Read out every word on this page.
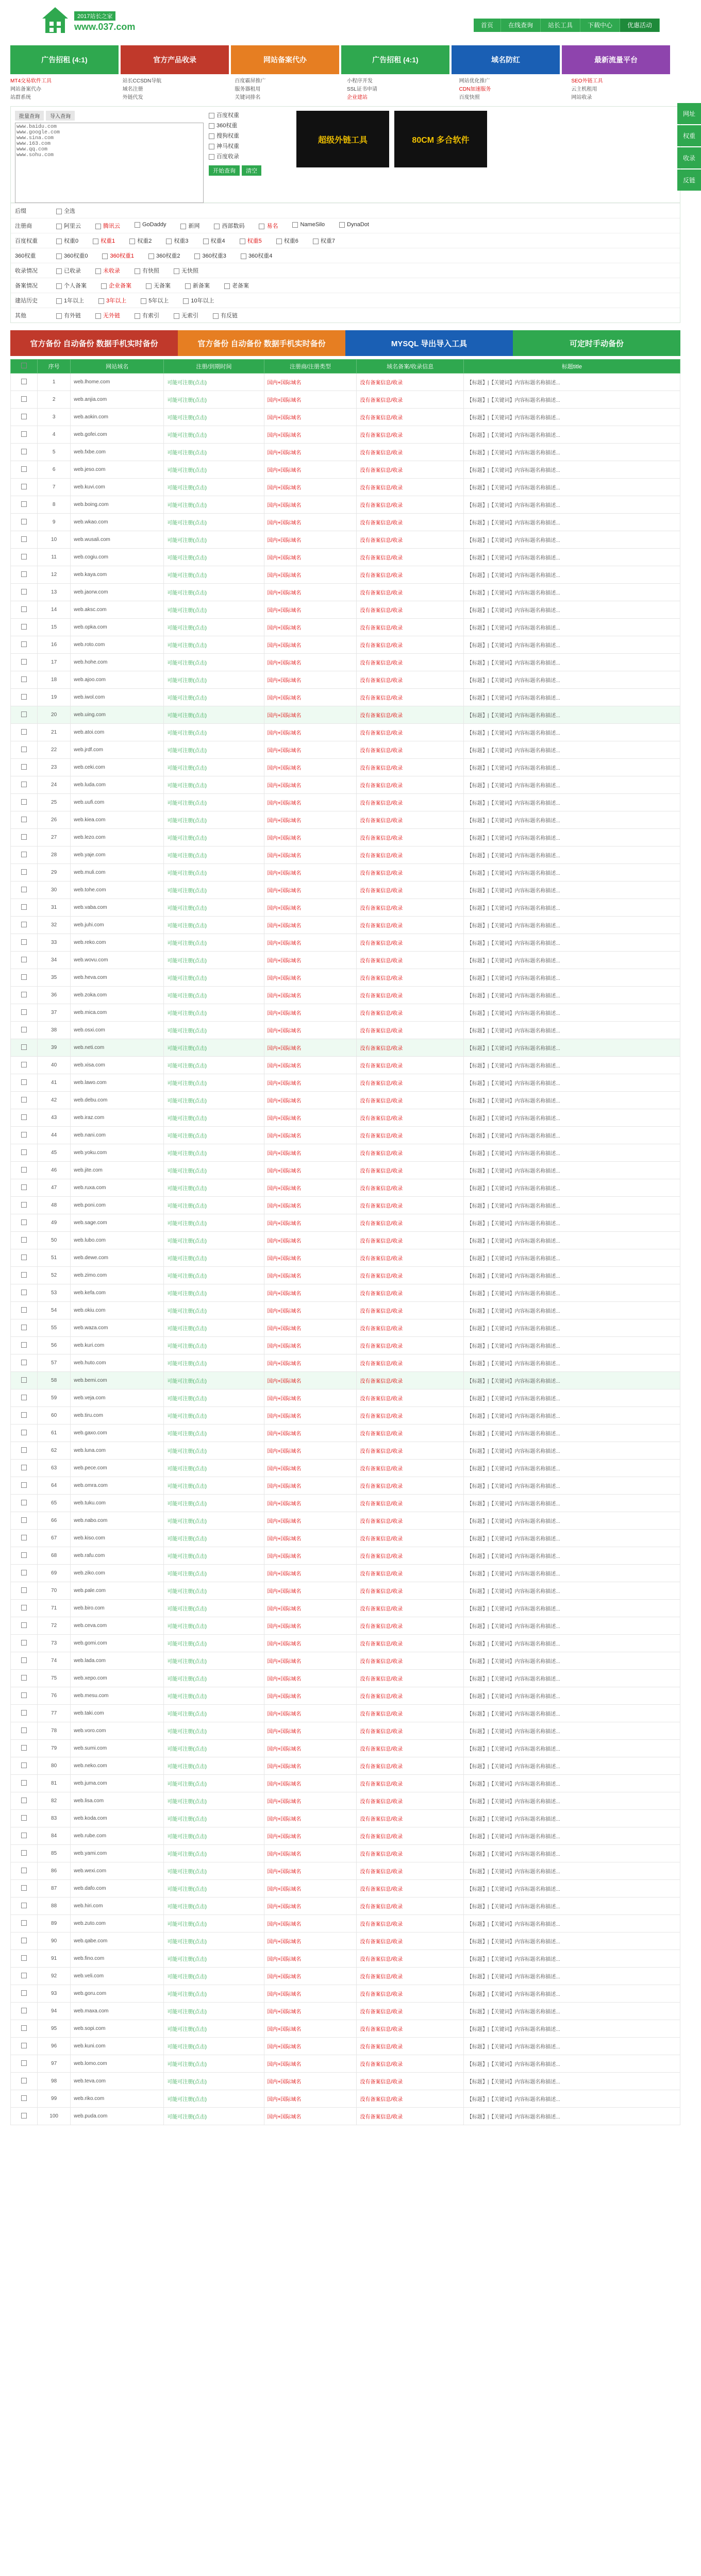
2017站长之家
www.037.com	首页	在线查询	站长工具	下载中心	优惠活动
广告招租 (4:1)	官方产品收录	网站备案代办	广告招租 (4:1)	域名防红	最新流量平台
MT4交易软件工具	站长CCSDN导航	百度霸屏推广	小程序开发	网站优化推广	SEO外链工具
网站备案代办	域名注册	服务器租用	SSL证书申请	CDN加速服务	云主机租用
站群系统	外链代发	关键词排名	企业建站	百度快照	网站收录
批量查询	导入查询
www.baidu.com www.google.com www.sina.com www.163.com www.qq.com www.sohu.com	百度权重
360权重
搜狗权重
神马权重
百度收录
开始查询	清空
超级外链工具	80CM 多合软件
后缀	全选
注册商	阿里云	腾讯云	GoDaddy	新网	西部数码	易名	NameSilo	DynaDot
百度权重	权重0	权重1	权重2	权重3	权重4	权重5	权重6	权重7
360权重	360权重0	360权重1	360权重2	360权重3	360权重4
收录情况	已收录	未收录	有快照	无快照
备案情况	个人备案	企业备案	无备案	新备案	老备案
建站历史	1年以上	3年以上	5年以上	10年以上
其他	有外链	无外链	有索引	无索引	有反链
官方备份 自动备份 数据手机实时备份	官方备份 自动备份 数据手机实时备份	MYSQL 导出导入工具	可定时手动备份
	序号	网站域名	注册/到期时间	注册商/注册类型	域名备案/收录信息	标题title
	1	web.lhome.com	可能可注册(点击)	国内+国际域名	没有备案信息/收录	【标题】|【关键词】内容标题名称描述...
	2	web.anjia.com	可能可注册(点击)	国内+国际域名	没有备案信息/收录	【标题】|【关键词】内容标题名称描述...
	3	web.aokin.com	可能可注册(点击)	国内+国际域名	没有备案信息/收录	【标题】|【关键词】内容标题名称描述...
	4	web.gofei.com	可能可注册(点击)	国内+国际域名	没有备案信息/收录	【标题】|【关键词】内容标题名称描述...
	5	web.fxbe.com	可能可注册(点击)	国内+国际域名	没有备案信息/收录	【标题】|【关键词】内容标题名称描述...
	6	web.jeso.com	可能可注册(点击)	国内+国际域名	没有备案信息/收录	【标题】|【关键词】内容标题名称描述...
	7	web.kuvi.com	可能可注册(点击)	国内+国际域名	没有备案信息/收录	【标题】|【关键词】内容标题名称描述...
	8	web.boing.com	可能可注册(点击)	国内+国际域名	没有备案信息/收录	【标题】|【关键词】内容标题名称描述...
	9	web.wkao.com	可能可注册(点击)	国内+国际域名	没有备案信息/收录	【标题】|【关键词】内容标题名称描述...
	10	web.wusali.com	可能可注册(点击)	国内+国际域名	没有备案信息/收录	【标题】|【关键词】内容标题名称描述...
	11	web.cogiu.com	可能可注册(点击)	国内+国际域名	没有备案信息/收录	【标题】|【关键词】内容标题名称描述...
	12	web.kaya.com	可能可注册(点击)	国内+国际域名	没有备案信息/收录	【标题】|【关键词】内容标题名称描述...
	13	web.jaorw.com	可能可注册(点击)	国内+国际域名	没有备案信息/收录	【标题】|【关键词】内容标题名称描述...
	14	web.aksc.com	可能可注册(点击)	国内+国际域名	没有备案信息/收录	【标题】|【关键词】内容标题名称描述...
	15	web.opka.com	可能可注册(点击)	国内+国际域名	没有备案信息/收录	【标题】|【关键词】内容标题名称描述...
	16	web.roto.com	可能可注册(点击)	国内+国际域名	没有备案信息/收录	【标题】|【关键词】内容标题名称描述...
	17	web.hohe.com	可能可注册(点击)	国内+国际域名	没有备案信息/收录	【标题】|【关键词】内容标题名称描述...
	18	web.ajoo.com	可能可注册(点击)	国内+国际域名	没有备案信息/收录	【标题】|【关键词】内容标题名称描述...
	19	web.iwol.com	可能可注册(点击)	国内+国际域名	没有备案信息/收录	【标题】|【关键词】内容标题名称描述...
	20	web.uing.com	可能可注册(点击)	国内+国际域名	没有备案信息/收录	【标题】|【关键词】内容标题名称描述...
	21	web.atoi.com	可能可注册(点击)	国内+国际域名	没有备案信息/收录	【标题】|【关键词】内容标题名称描述...
	22	web.jrdf.com	可能可注册(点击)	国内+国际域名	没有备案信息/收录	【标题】|【关键词】内容标题名称描述...
	23	web.ceki.com	可能可注册(点击)	国内+国际域名	没有备案信息/收录	【标题】|【关键词】内容标题名称描述...
	24	web.luda.com	可能可注册(点击)	国内+国际域名	没有备案信息/收录	【标题】|【关键词】内容标题名称描述...
	25	web.uufi.com	可能可注册(点击)	国内+国际域名	没有备案信息/收录	【标题】|【关键词】内容标题名称描述...
	26	web.kiea.com	可能可注册(点击)	国内+国际域名	没有备案信息/收录	【标题】|【关键词】内容标题名称描述...
	27	web.lezo.com	可能可注册(点击)	国内+国际域名	没有备案信息/收录	【标题】|【关键词】内容标题名称描述...
	28	web.yaje.com	可能可注册(点击)	国内+国际域名	没有备案信息/收录	【标题】|【关键词】内容标题名称描述...
	29	web.muli.com	可能可注册(点击)	国内+国际域名	没有备案信息/收录	【标题】|【关键词】内容标题名称描述...
	30	web.tohe.com	可能可注册(点击)	国内+国际域名	没有备案信息/收录	【标题】|【关键词】内容标题名称描述...
	31	web.vaba.com	可能可注册(点击)	国内+国际域名	没有备案信息/收录	【标题】|【关键词】内容标题名称描述...
	32	web.juhi.com	可能可注册(点击)	国内+国际域名	没有备案信息/收录	【标题】|【关键词】内容标题名称描述...
	33	web.reko.com	可能可注册(点击)	国内+国际域名	没有备案信息/收录	【标题】|【关键词】内容标题名称描述...
	34	web.wovu.com	可能可注册(点击)	国内+国际域名	没有备案信息/收录	【标题】|【关键词】内容标题名称描述...
	35	web.heva.com	可能可注册(点击)	国内+国际域名	没有备案信息/收录	【标题】|【关键词】内容标题名称描述...
	36	web.zoka.com	可能可注册(点击)	国内+国际域名	没有备案信息/收录	【标题】|【关键词】内容标题名称描述...
	37	web.mica.com	可能可注册(点击)	国内+国际域名	没有备案信息/收录	【标题】|【关键词】内容标题名称描述...
	38	web.osxi.com	可能可注册(点击)	国内+国际域名	没有备案信息/收录	【标题】|【关键词】内容标题名称描述...
	39	web.neti.com	可能可注册(点击)	国内+国际域名	没有备案信息/收录	【标题】|【关键词】内容标题名称描述...
	40	web.xisa.com	可能可注册(点击)	国内+国际域名	没有备案信息/收录	【标题】|【关键词】内容标题名称描述...
	41	web.lawo.com	可能可注册(点击)	国内+国际域名	没有备案信息/收录	【标题】|【关键词】内容标题名称描述...
	42	web.debu.com	可能可注册(点击)	国内+国际域名	没有备案信息/收录	【标题】|【关键词】内容标题名称描述...
	43	web.iraz.com	可能可注册(点击)	国内+国际域名	没有备案信息/收录	【标题】|【关键词】内容标题名称描述...
	44	web.nani.com	可能可注册(点击)	国内+国际域名	没有备案信息/收录	【标题】|【关键词】内容标题名称描述...
	45	web.yoku.com	可能可注册(点击)	国内+国际域名	没有备案信息/收录	【标题】|【关键词】内容标题名称描述...
	46	web.jite.com	可能可注册(点击)	国内+国际域名	没有备案信息/收录	【标题】|【关键词】内容标题名称描述...
	47	web.ruxa.com	可能可注册(点击)	国内+国际域名	没有备案信息/收录	【标题】|【关键词】内容标题名称描述...
	48	web.poni.com	可能可注册(点击)	国内+国际域名	没有备案信息/收录	【标题】|【关键词】内容标题名称描述...
	49	web.sage.com	可能可注册(点击)	国内+国际域名	没有备案信息/收录	【标题】|【关键词】内容标题名称描述...
	50	web.lubo.com	可能可注册(点击)	国内+国际域名	没有备案信息/收录	【标题】|【关键词】内容标题名称描述...
	51	web.dewe.com	可能可注册(点击)	国内+国际域名	没有备案信息/收录	【标题】|【关键词】内容标题名称描述...
	52	web.zimo.com	可能可注册(点击)	国内+国际域名	没有备案信息/收录	【标题】|【关键词】内容标题名称描述...
	53	web.kefa.com	可能可注册(点击)	国内+国际域名	没有备案信息/收录	【标题】|【关键词】内容标题名称描述...
	54	web.okiu.com	可能可注册(点击)	国内+国际域名	没有备案信息/收录	【标题】|【关键词】内容标题名称描述...
	55	web.waza.com	可能可注册(点击)	国内+国际域名	没有备案信息/收录	【标题】|【关键词】内容标题名称描述...
	56	web.kuri.com	可能可注册(点击)	国内+国际域名	没有备案信息/收录	【标题】|【关键词】内容标题名称描述...
	57	web.huto.com	可能可注册(点击)	国内+国际域名	没有备案信息/收录	【标题】|【关键词】内容标题名称描述...
	58	web.bemi.com	可能可注册(点击)	国内+国际域名	没有备案信息/收录	【标题】|【关键词】内容标题名称描述...
	59	web.veja.com	可能可注册(点击)	国内+国际域名	没有备案信息/收录	【标题】|【关键词】内容标题名称描述...
	60	web.tiru.com	可能可注册(点击)	国内+国际域名	没有备案信息/收录	【标题】|【关键词】内容标题名称描述...
	61	web.gaxo.com	可能可注册(点击)	国内+国际域名	没有备案信息/收录	【标题】|【关键词】内容标题名称描述...
	62	web.luna.com	可能可注册(点击)	国内+国际域名	没有备案信息/收录	【标题】|【关键词】内容标题名称描述...
	63	web.pece.com	可能可注册(点击)	国内+国际域名	没有备案信息/收录	【标题】|【关键词】内容标题名称描述...
	64	web.omra.com	可能可注册(点击)	国内+国际域名	没有备案信息/收录	【标题】|【关键词】内容标题名称描述...
	65	web.tuku.com	可能可注册(点击)	国内+国际域名	没有备案信息/收录	【标题】|【关键词】内容标题名称描述...
	66	web.nabo.com	可能可注册(点击)	国内+国际域名	没有备案信息/收录	【标题】|【关键词】内容标题名称描述...
	67	web.kiso.com	可能可注册(点击)	国内+国际域名	没有备案信息/收录	【标题】|【关键词】内容标题名称描述...
	68	web.rafu.com	可能可注册(点击)	国内+国际域名	没有备案信息/收录	【标题】|【关键词】内容标题名称描述...
	69	web.ziko.com	可能可注册(点击)	国内+国际域名	没有备案信息/收录	【标题】|【关键词】内容标题名称描述...
	70	web.pale.com	可能可注册(点击)	国内+国际域名	没有备案信息/收录	【标题】|【关键词】内容标题名称描述...
	71	web.biro.com	可能可注册(点击)	国内+国际域名	没有备案信息/收录	【标题】|【关键词】内容标题名称描述...
	72	web.ceva.com	可能可注册(点击)	国内+国际域名	没有备案信息/收录	【标题】|【关键词】内容标题名称描述...
	73	web.gomi.com	可能可注册(点击)	国内+国际域名	没有备案信息/收录	【标题】|【关键词】内容标题名称描述...
	74	web.lada.com	可能可注册(点击)	国内+国际域名	没有备案信息/收录	【标题】|【关键词】内容标题名称描述...
	75	web.xepo.com	可能可注册(点击)	国内+国际域名	没有备案信息/收录	【标题】|【关键词】内容标题名称描述...
	76	web.mesu.com	可能可注册(点击)	国内+国际域名	没有备案信息/收录	【标题】|【关键词】内容标题名称描述...
	77	web.taki.com	可能可注册(点击)	国内+国际域名	没有备案信息/收录	【标题】|【关键词】内容标题名称描述...
	78	web.voro.com	可能可注册(点击)	国内+国际域名	没有备案信息/收录	【标题】|【关键词】内容标题名称描述...
	79	web.sumi.com	可能可注册(点击)	国内+国际域名	没有备案信息/收录	【标题】|【关键词】内容标题名称描述...
	80	web.neko.com	可能可注册(点击)	国内+国际域名	没有备案信息/收录	【标题】|【关键词】内容标题名称描述...
	81	web.juma.com	可能可注册(点击)	国内+国际域名	没有备案信息/收录	【标题】|【关键词】内容标题名称描述...
	82	web.lisa.com	可能可注册(点击)	国内+国际域名	没有备案信息/收录	【标题】|【关键词】内容标题名称描述...
	83	web.koda.com	可能可注册(点击)	国内+国际域名	没有备案信息/收录	【标题】|【关键词】内容标题名称描述...
	84	web.rube.com	可能可注册(点击)	国内+国际域名	没有备案信息/收录	【标题】|【关键词】内容标题名称描述...
	85	web.yami.com	可能可注册(点击)	国内+国际域名	没有备案信息/收录	【标题】|【关键词】内容标题名称描述...
	86	web.wexi.com	可能可注册(点击)	国内+国际域名	没有备案信息/收录	【标题】|【关键词】内容标题名称描述...
	87	web.dafo.com	可能可注册(点击)	国内+国际域名	没有备案信息/收录	【标题】|【关键词】内容标题名称描述...
	88	web.hiri.com	可能可注册(点击)	国内+国际域名	没有备案信息/收录	【标题】|【关键词】内容标题名称描述...
	89	web.zuto.com	可能可注册(点击)	国内+国际域名	没有备案信息/收录	【标题】|【关键词】内容标题名称描述...
	90	web.qabe.com	可能可注册(点击)	国内+国际域名	没有备案信息/收录	【标题】|【关键词】内容标题名称描述...
	91	web.fino.com	可能可注册(点击)	国内+国际域名	没有备案信息/收录	【标题】|【关键词】内容标题名称描述...
	92	web.veli.com	可能可注册(点击)	国内+国际域名	没有备案信息/收录	【标题】|【关键词】内容标题名称描述...
	93	web.goru.com	可能可注册(点击)	国内+国际域名	没有备案信息/收录	【标题】|【关键词】内容标题名称描述...
	94	web.maxa.com	可能可注册(点击)	国内+国际域名	没有备案信息/收录	【标题】|【关键词】内容标题名称描述...
	95	web.sopi.com	可能可注册(点击)	国内+国际域名	没有备案信息/收录	【标题】|【关键词】内容标题名称描述...
	96	web.kuni.com	可能可注册(点击)	国内+国际域名	没有备案信息/收录	【标题】|【关键词】内容标题名称描述...
	97	web.lomo.com	可能可注册(点击)	国内+国际域名	没有备案信息/收录	【标题】|【关键词】内容标题名称描述...
	98	web.teva.com	可能可注册(点击)	国内+国际域名	没有备案信息/收录	【标题】|【关键词】内容标题名称描述...
	99	web.riko.com	可能可注册(点击)	国内+国际域名	没有备案信息/收录	【标题】|【关键词】内容标题名称描述...
	100	web.puda.com	可能可注册(点击)	国内+国际域名	没有备案信息/收录	【标题】|【关键词】内容标题名称描述...
网址
权重
收录
反链
